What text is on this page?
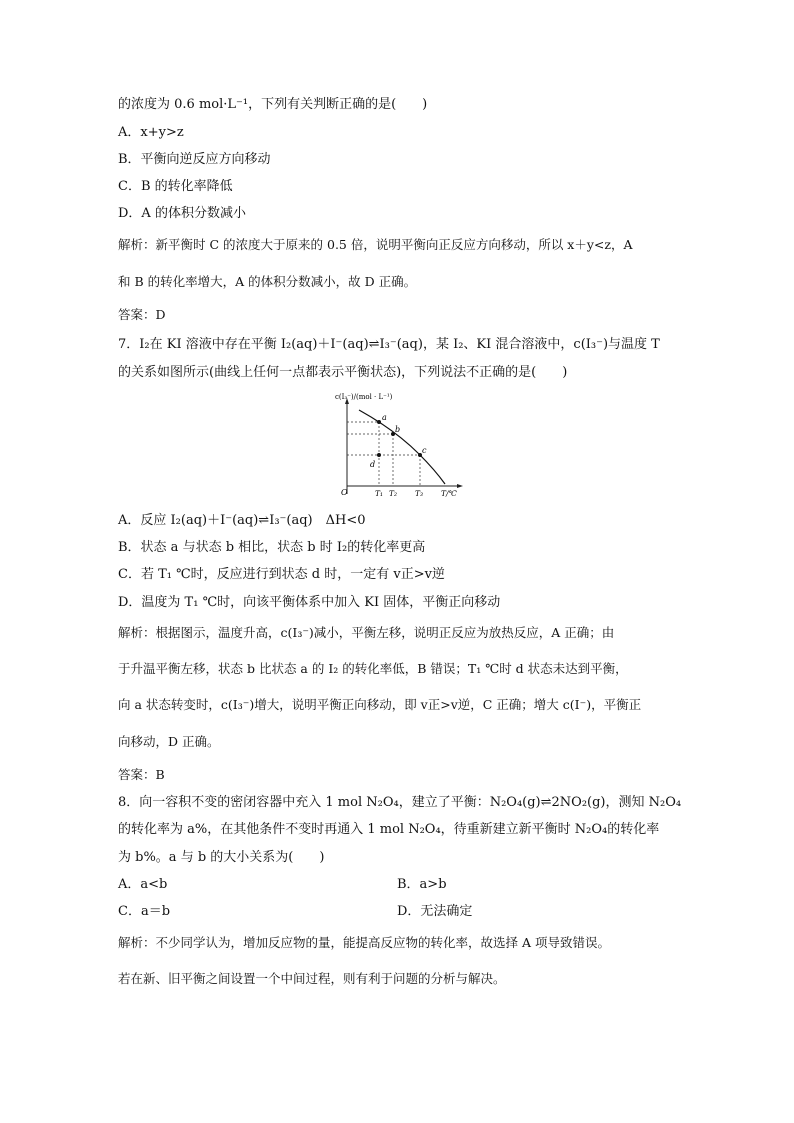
的浓度为 0.6 mol·L⁻¹，下列有关判断正确的是(　　)
A．x+y>z
B．平衡向逆反应方向移动
C．B 的转化率降低
D．A 的体积分数减小
解析：新平衡时 C 的浓度大于原来的 0.5 倍，说明平衡向正反应方向移动，所以 x＋y<z，A
和 B 的转化率增大，A 的体积分数减小，故 D 正确。
答案：D
7．I₂在 KI 溶液中存在平衡 I₂(aq)＋I⁻(aq)⇌I₃⁻(aq)，某 I₂、KI 混合溶液中，c(I₃⁻)与温度 T
的关系如图所示(曲线上任何一点都表示平衡状态)，下列说法不正确的是(　　)
c(I₃⁻)/(mol · L⁻¹)
T/℃
O
a
b
c
d
T₁ T₂ T₃
A．反应 I₂(aq)＋I⁻(aq)⇌I₃⁻(aq)　ΔH<0
B．状态 a 与状态 b 相比，状态 b 时 I₂的转化率更高
C．若 T₁ ℃时，反应进行到状态 d 时，一定有 v正>v逆
D．温度为 T₁ ℃时，向该平衡体系中加入 KI 固体，平衡正向移动
解析：根据图示，温度升高，c(I₃⁻)减小，平衡左移，说明正反应为放热反应，A 正确；由
于升温平衡左移，状态 b 比状态 a 的 I₂ 的转化率低，B 错误；T₁ ℃时 d 状态未达到平衡，
向 a 状态转变时，c(I₃⁻)增大，说明平衡正向移动，即 v正>v逆，C 正确；增大 c(I⁻)，平衡正
向移动，D 正确。
答案：B
8．向一容积不变的密闭容器中充入 1 mol N₂O₄，建立了平衡：N₂O₄(g)⇌2NO₂(g)，测知 N₂O₄
的转化率为 a%，在其他条件不变时再通入 1 mol N₂O₄，待重新建立新平衡时 N₂O₄的转化率
为 b%。a 与 b 的大小关系为(　　)
A．a<b	B．a>b
C．a＝b	D．无法确定
解析：不少同学认为，增加反应物的量，能提高反应物的转化率，故选择 A 项导致错误。
若在新、旧平衡之间设置一个中间过程，则有利于问题的分析与解决。
